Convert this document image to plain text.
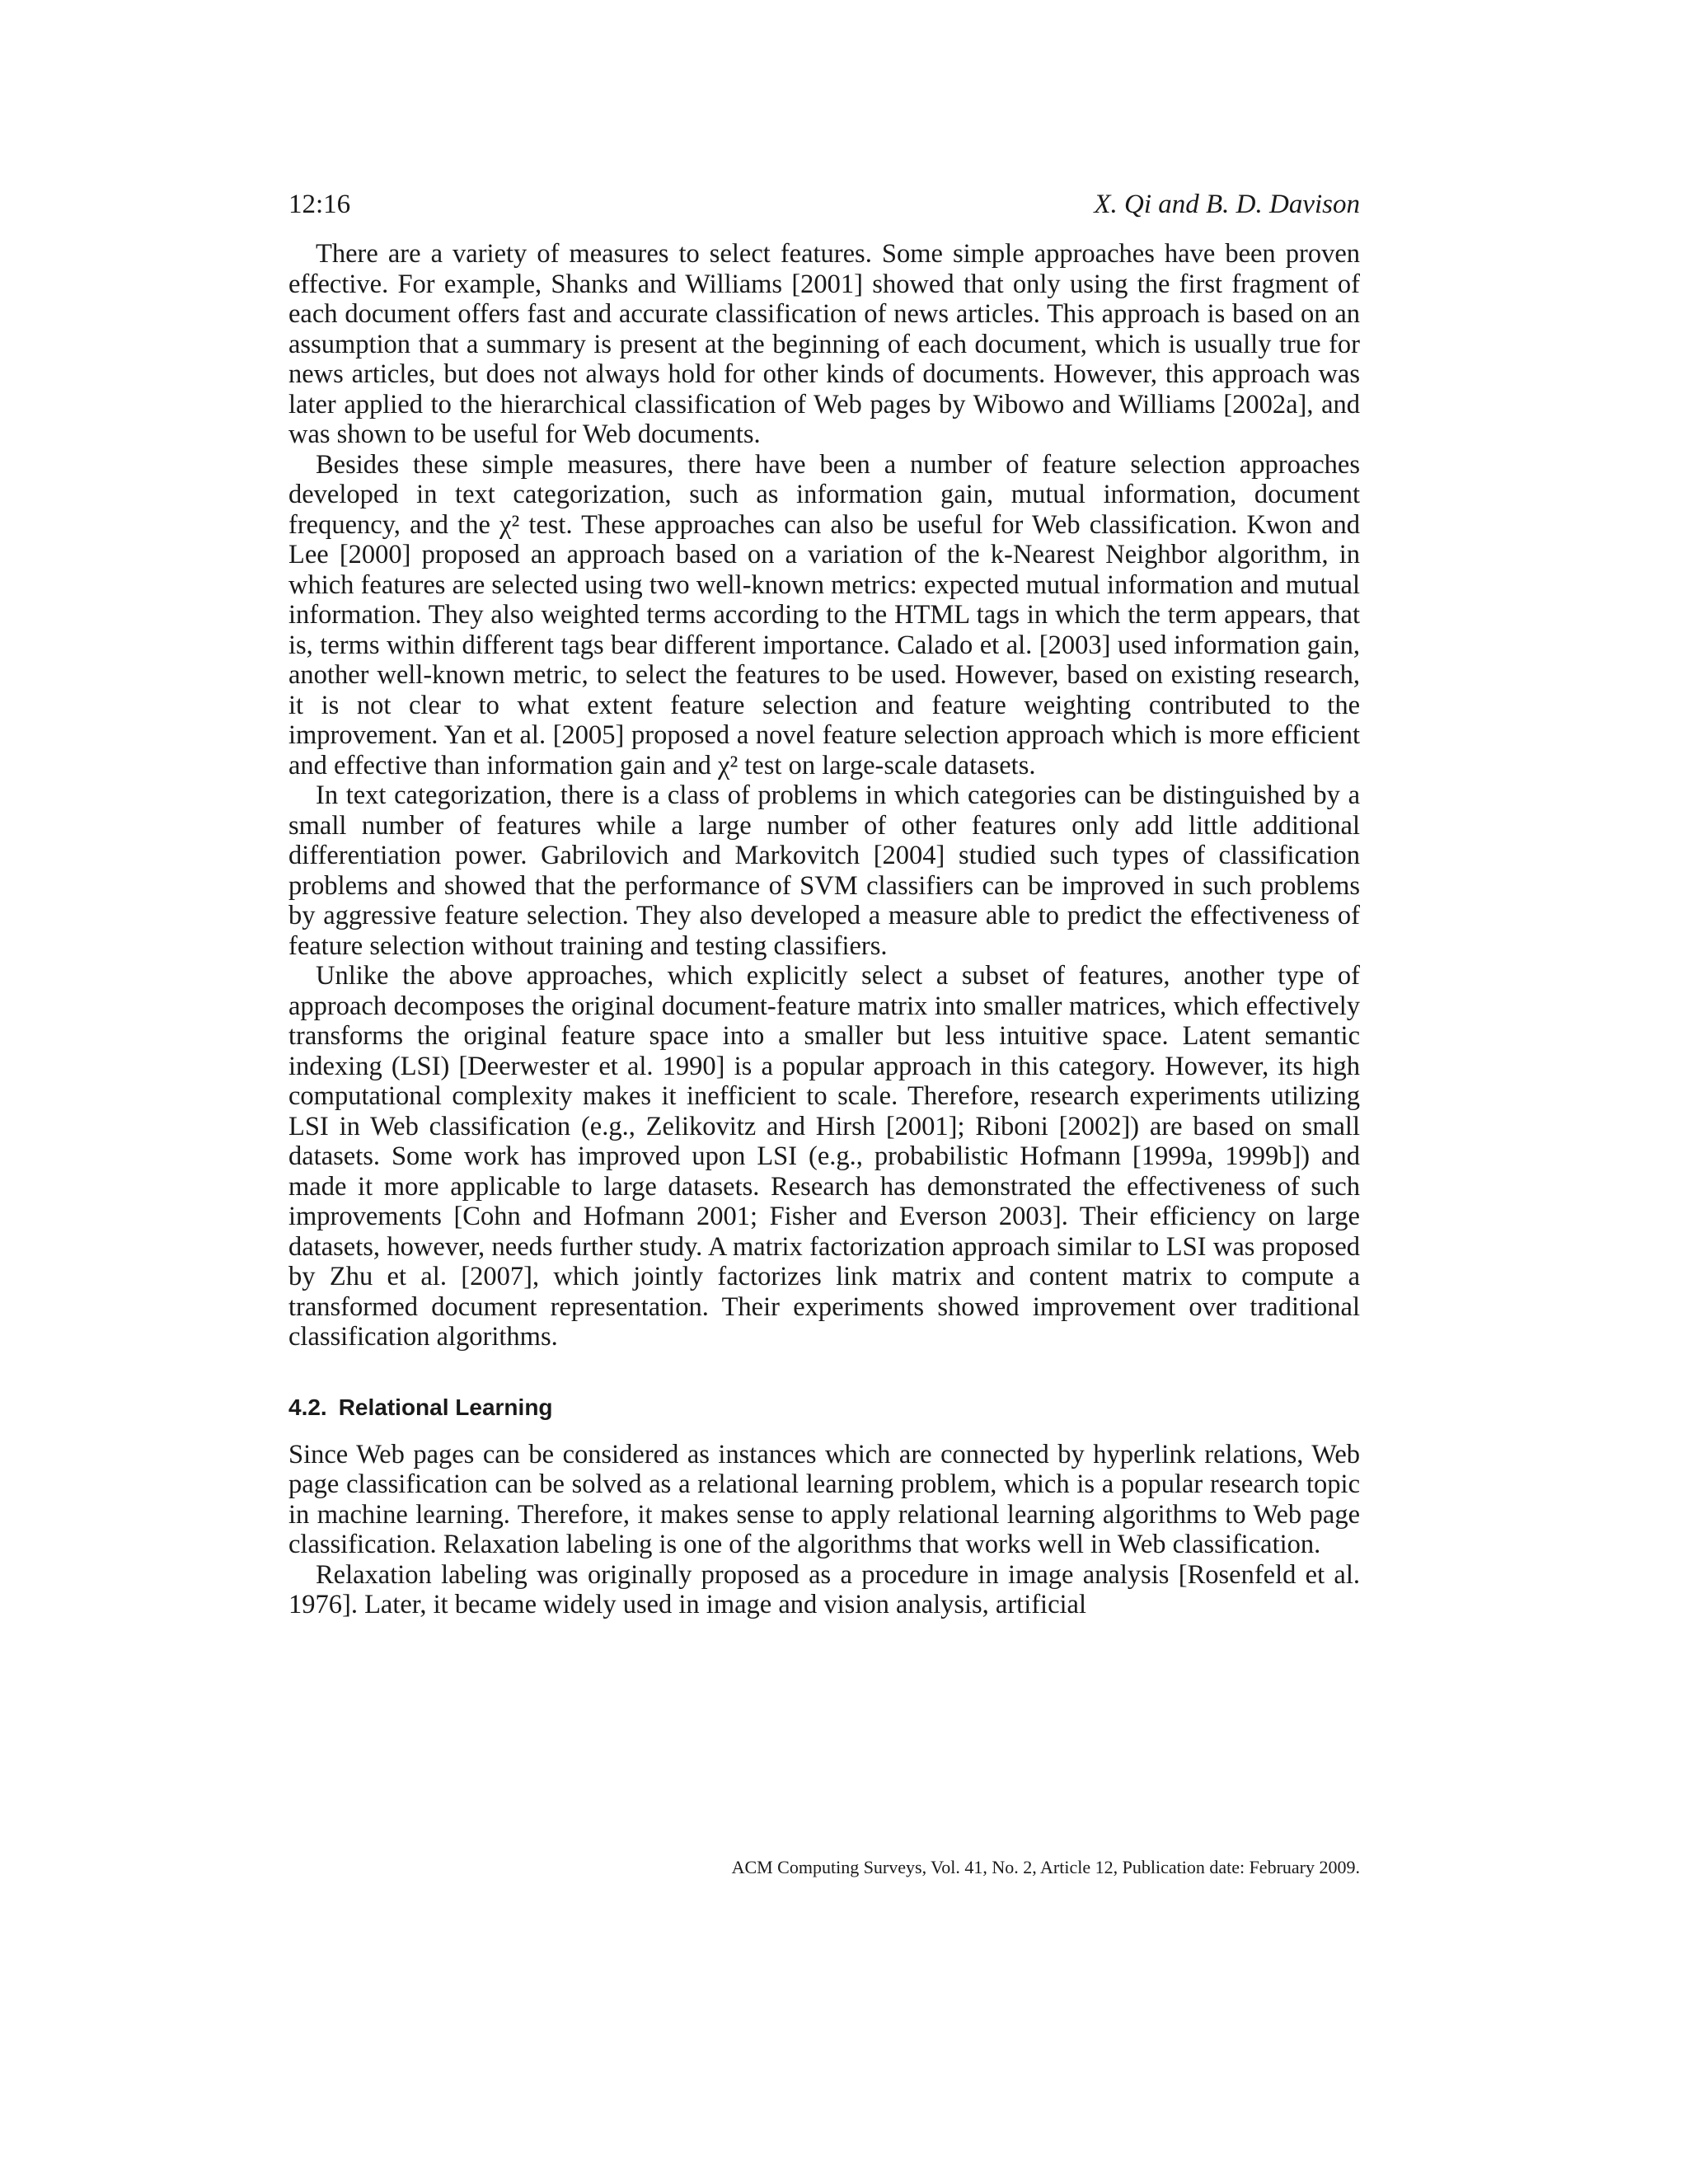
12:16	X. Qi and B. D. Davison

There are a variety of measures to select features. Some simple approaches have been proven effective. For example, Shanks and Williams [2001] showed that only using the first fragment of each document offers fast and accurate classification of news articles. This approach is based on an assumption that a summary is present at the beginning of each document, which is usually true for news articles, but does not always hold for other kinds of documents. However, this approach was later applied to the hierarchical classification of Web pages by Wibowo and Williams [2002a], and was shown to be useful for Web documents.

Besides these simple measures, there have been a number of feature selection approaches developed in text categorization, such as information gain, mutual information, document frequency, and the χ² test. These approaches can also be useful for Web classification. Kwon and Lee [2000] proposed an approach based on a variation of the k-Nearest Neighbor algorithm, in which features are selected using two well-known metrics: expected mutual information and mutual information. They also weighted terms according to the HTML tags in which the term appears, that is, terms within different tags bear different importance. Calado et al. [2003] used information gain, another well-known metric, to select the features to be used. However, based on existing research, it is not clear to what extent feature selection and feature weighting contributed to the improvement. Yan et al. [2005] proposed a novel feature selection approach which is more efficient and effective than information gain and χ² test on large-scale datasets.

In text categorization, there is a class of problems in which categories can be distinguished by a small number of features while a large number of other features only add little additional differentiation power. Gabrilovich and Markovitch [2004] studied such types of classification problems and showed that the performance of SVM classifiers can be improved in such problems by aggressive feature selection. They also developed a measure able to predict the effectiveness of feature selection without training and testing classifiers.

Unlike the above approaches, which explicitly select a subset of features, another type of approach decomposes the original document-feature matrix into smaller matrices, which effectively transforms the original feature space into a smaller but less intuitive space. Latent semantic indexing (LSI) [Deerwester et al. 1990] is a popular approach in this category. However, its high computational complexity makes it inefficient to scale. Therefore, research experiments utilizing LSI in Web classification (e.g., Zelikovitz and Hirsh [2001]; Riboni [2002]) are based on small datasets. Some work has improved upon LSI (e.g., probabilistic Hofmann [1999a, 1999b]) and made it more applicable to large datasets. Research has demonstrated the effectiveness of such improvements [Cohn and Hofmann 2001; Fisher and Everson 2003]. Their efficiency on large datasets, however, needs further study. A matrix factorization approach similar to LSI was proposed by Zhu et al. [2007], which jointly factorizes link matrix and content matrix to compute a transformed document representation. Their experiments showed improvement over traditional classification algorithms.

4.2. Relational Learning

Since Web pages can be considered as instances which are connected by hyperlink relations, Web page classification can be solved as a relational learning problem, which is a popular research topic in machine learning. Therefore, it makes sense to apply relational learning algorithms to Web page classification. Relaxation labeling is one of the algorithms that works well in Web classification.

Relaxation labeling was originally proposed as a procedure in image analysis [Rosenfeld et al. 1976]. Later, it became widely used in image and vision analysis, artificial

ACM Computing Surveys, Vol. 41, No. 2, Article 12, Publication date: February 2009.
